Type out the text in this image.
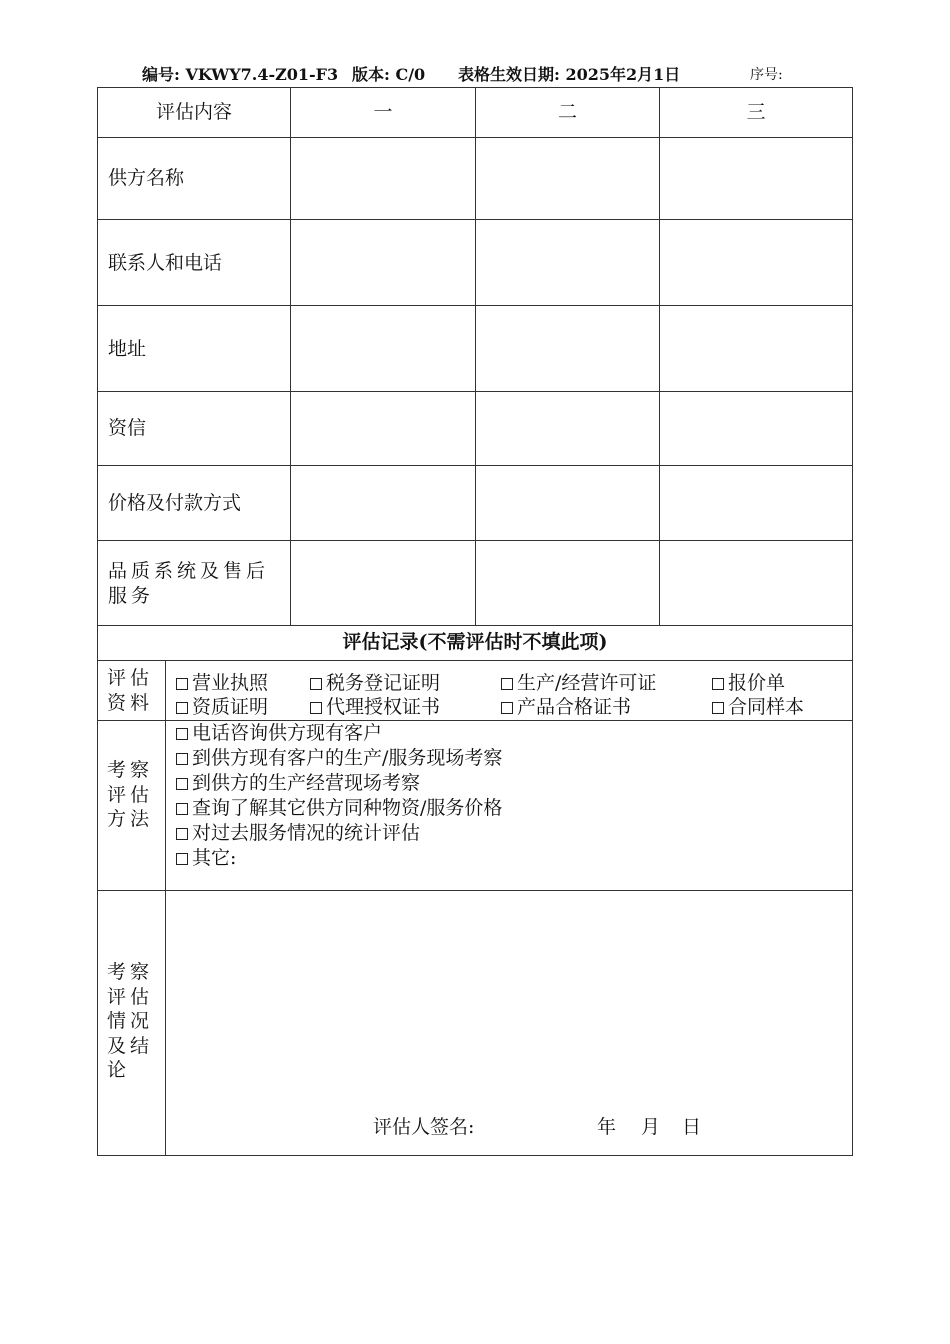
编号: VKWY7.4-Z01-F3 版本: C/0 表格生效日期: 2025年2月1日	序号:
评估内容	一	二	三
供方名称
联系人和电话
地址
资信
价格及付款方式
品质系统及售后服务
评估记录(不需评估时不填此项)
评估资料
营业执照	税务登记证明	生产/经营许可证	报价单
资质证明	代理授权证书	产品合格证书	合同样本
考察评估方法
电话咨询供方现有客户
到供方现有客户的生产/服务现场考察
到供方的生产经营现场考察
查询了解其它供方同种物资/服务价格
对过去服务情况的统计评估
其它:
考察评估情况及结论
评估人签名:	年 月 日
